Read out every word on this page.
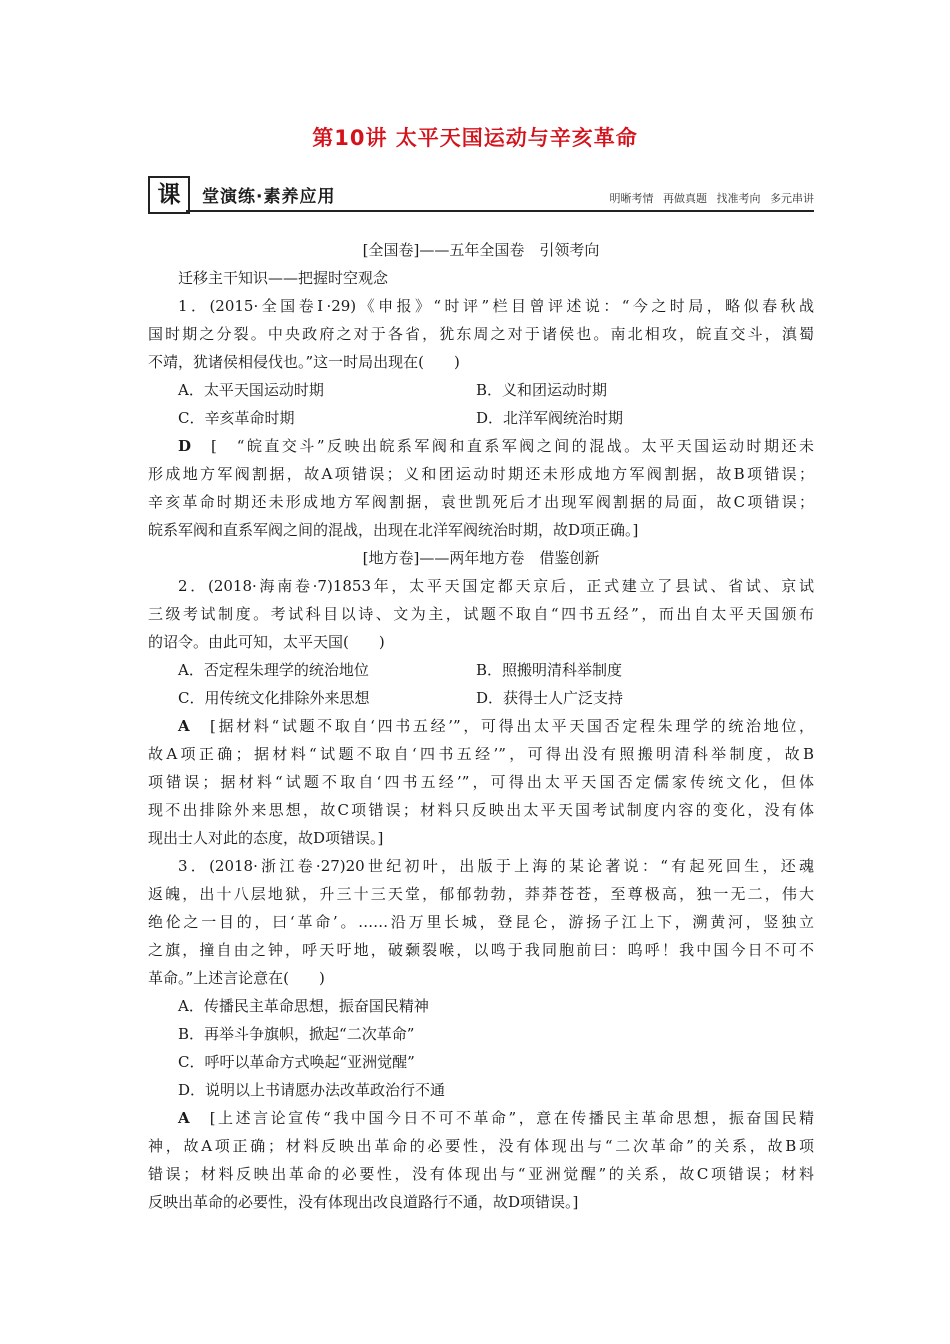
第10讲 太平天国运动与辛亥革命
课	堂演练·素养应用	明晰考情 再做真题 找准考向 多元串讲
[全国卷]——五年全国卷　引领考向
迁移主干知识——把握时空观念
1．(2015·全国卷Ⅰ·29)《申报》“时评”栏目曾评述说：“今之时局，略似春秋战
国时期之分裂。中央政府之对于各省，犹东周之对于诸侯也。南北相攻，皖直交斗，滇蜀
不靖，犹诸侯相侵伐也。”这一时局出现在(　　)
A．太平天国运动时期	B．义和团运动时期
C．辛亥革命时期	D．北洋军阀统治时期
D　 [　“皖直交斗”反映出皖系军阀和直系军阀之间的混战。太平天国运动时期还未
形成地方军阀割据，故A项错误；义和团运动时期还未形成地方军阀割据，故B项错误；
辛亥革命时期还未形成地方军阀割据，袁世凯死后才出现军阀割据的局面，故C项错误；
皖系军阀和直系军阀之间的混战，出现在北洋军阀统治时期，故D项正确。]
[地方卷]——两年地方卷　借鉴创新
2．(2018·海南卷·7)1853年，太平天国定都天京后，正式建立了县试、省试、京试
三级考试制度。考试科目以诗、文为主，试题不取自“四书五经”，而出自太平天国颁布
的诏令。由此可知，太平天国(　　)
A．否定程朱理学的统治地位	B．照搬明清科举制度
C．用传统文化排除外来思想	D．获得士人广泛支持
A　 [据材料“试题不取自‘四书五经’”，可得出太平天国否定程朱理学的统治地位，
故A项正确；据材料“试题不取自‘四书五经’”，可得出没有照搬明清科举制度，故B
项错误；据材料“试题不取自‘四书五经’”，可得出太平天国否定儒家传统文化，但体
现不出排除外来思想，故C项错误；材料只反映出太平天国考试制度内容的变化，没有体
现出士人对此的态度，故D项错误。]
3．(2018·浙江卷·27)20世纪初叶，出版于上海的某论著说：“有起死回生，还魂
返魄，出十八层地狱，升三十三天堂，郁郁勃勃，莽莽苍苍，至尊极高，独一无二，伟大
绝伦之一目的，曰‘革命’。……沿万里长城，登昆仑，游扬子江上下，溯黄河，竖独立
之旗，撞自由之钟，呼天吁地，破颡裂喉，以鸣于我同胞前曰：呜呼！我中国今日不可不
革命。”上述言论意在(　　)
A．传播民主革命思想，振奋国民精神
B．再举斗争旗帜，掀起“二次革命”
C．呼吁以革命方式唤起“亚洲觉醒”
D．说明以上书请愿办法改革政治行不通
A　 [上述言论宣传“我中国今日不可不革命”，意在传播民主革命思想，振奋国民精
神，故A项正确；材料反映出革命的必要性，没有体现出与“二次革命”的关系，故B项
错误；材料反映出革命的必要性，没有体现出与“亚洲觉醒”的关系，故C项错误；材料
反映出革命的必要性，没有体现出改良道路行不通，故D项错误。]
